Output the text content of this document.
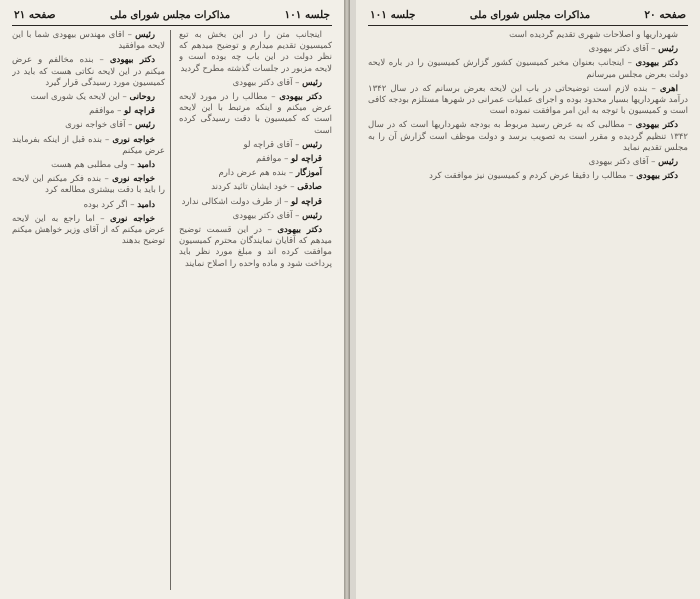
جلسه ۱۰۱
مذاکرات مجلس شورای ملی
صفحه ۲۱

اینجانب متن را در این بخش به تبع کمیسیون تقدیم میدارم و توضیح میدهم که نظر دولت در این باب چه بوده است و لایحه مزبور در جلسات گذشته مطرح گردید

رئیس – آقای دکتر بیهودی

دکتر بیهودی – مطالب را در مورد لایحه عرض میکنم و اینکه مرتبط با این لایحه است که کمیسیون با دقت رسیدگی کرده است

رئیس – آقای قراچه لو

قراچه لو – موافقم

آموزگار – بنده هم عرض دارم

صادقی – خود ایشان تائید کردند

قراچه لو – از طرف دولت اشکالی ندارد

رئیس – آقای دکتر بیهودی

دکتر بیهودی – در این قسمت توضیح میدهم که آقایان نمایندگان محترم کمیسیون موافقت کرده اند و مبلغ مورد نظر باید پرداخت شود و ماده واحده را اصلاح نمایند

رئیس – آقای مهندس بیهودی شما با این لایحه موافقید

دکتر بیهودی – بنده مخالفم و عرض میکنم در این لایحه نکاتی هست که باید در کمیسیون مورد رسیدگی قرار گیرد

روحانی – این لایحه یک شوری است

قراچه لو – موافقم

رئیس – آقای خواجه نوری

خواجه نوری – بنده قبل از اینکه بفرمایند عرض میکنم

دامید – ولی مطلبی هم هست

خواجه نوری – بنده فکر میکنم این لایحه را باید با دقت بیشتری مطالعه کرد

دامید – اگر کرد بوده

خواجه نوری – اما راجع به این لایحه عرض میکنم که از آقای وزیر خواهش میکنم توضیح بدهند

صفحه ۲۰
مذاکرات مجلس شورای ملی
جلسه ۱۰۱

شهرداریها و اصلاحات شهری تقدیم گردیده است

رئیس – آقای دکتر بیهودی

دکتر بیهودی – اینجانب بعنوان مخبر کمیسیون کشور گزارش کمیسیون را در باره لایحه دولت بعرض مجلس میرسانم

اهری – بنده لازم است توضیحاتی در باب این لایحه بعرض برسانم که در سال ۱۳۴۲ درآمد شهرداریها بسیار محدود بوده و اجرای عملیات عمرانی در شهرها مستلزم بودجه کافی است و کمیسیون با توجه به این امر موافقت نموده است

دکتر بیهودی – مطالبی که به عرض رسید مربوط به بودجه شهرداریها است که در سال ۱۳۴۲ تنظیم گردیده و مقرر است به تصویب برسد و دولت موظف است گزارش آن را به مجلس تقدیم نماید

رئیس – آقای دکتر بیهودی

دکتر بیهودی – مطالب را دقیقا عرض کردم و کمیسیون نیز موافقت کرد
